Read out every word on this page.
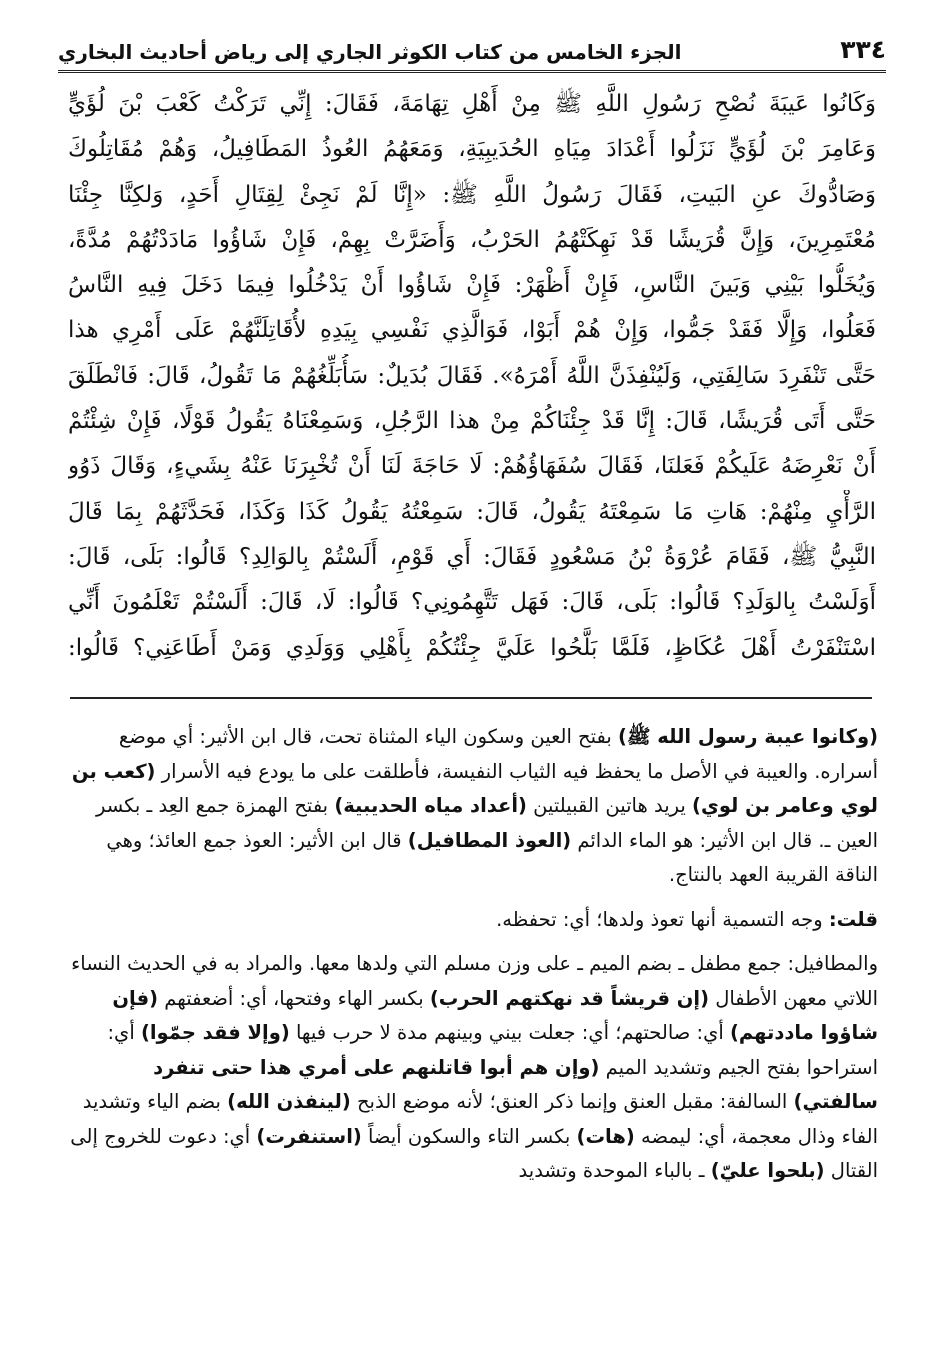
٣٣٤
الجزء الخامس من كتاب الكوثر الجاري إلى رياض أحاديث البخاري
وَكَانُوا عَيبَةَ نُصْحِ رَسُولِ اللَّهِ ﷺ مِنْ أَهْلِ تِهَامَةَ، فَقَالَ: إِنِّي تَرَكْتُ كَعْبَ بْنَ لُؤَيٍّ
وَعَامِرَ بْنَ لُؤَيٍّ نَزَلُوا أَعْدَادَ مِيَاهِ الحُدَيبِيَةِ، وَمَعَهُمُ العُوذُ المَطَافِيلُ، وَهُمْ مُقَاتِلُوكَ
وَصَادُّوكَ عنِ البَيتِ، فَقَالَ رَسُولُ اللَّهِ ﷺ: «إِنَّا لَمْ نَجِئْ لِقِتَالِ أَحَدٍ، وَلكِنَّا جِئْنَا
مُعْتَمِرِينَ، وَإِنَّ قُرَيشًا قَدْ نَهِكَتْهُمُ الحَرْبُ، وَأَضَرَّتْ بِهِمْ، فَإِنْ شَاؤُوا مَادَدْتُهُمْ مُدَّةً،
وَيُخَلُّوا بَيْنِي وَبَينَ النَّاسِ، فَإِنْ أَظْهَرْ: فَإِنْ شَاؤُوا أَنْ يَدْخُلُوا فِيمَا دَخَلَ فِيهِ النَّاسُ
فَعَلُوا، وَإِلَّا فَقَدْ جَمُّوا، وَإِنْ هُمْ أَبَوْا، فَوَالَّذِي نَفْسِي بِيَدِهِ لأُقَاتِلَنَّهُمْ عَلَى أَمْرِي هذا
حَتَّى تَنْفَرِدَ سَالِفَتِي، وَلَيُنْفِذَنَّ اللَّهُ أَمْرَهُ». فَقَالَ بُدَيلٌ: سَأُبَلِّغُهُمْ مَا تَقُولُ، قَالَ: فَانْطَلَقَ
حَتَّى أَتَى قُرَيشًا، قَالَ: إِنَّا قَدْ جِئْنَاكُمْ مِنْ هذا الرَّجُلِ، وَسَمِعْنَاهُ يَقُولُ قَوْلًا، فَإِنْ شِئْتُمْ
أَنْ نَعْرِضَهُ عَلَيكُمْ فَعَلنَا، فَقَالَ سُفَهَاؤُهُمْ: لَا حَاجَةَ لَنَا أَنْ تُخْبِرَنَا عَنْهُ بِشَيءٍ، وَقَالَ ذَوُو
الرَّأْيِ مِنْهُمْ: هَاتِ مَا سَمِعْتَهُ يَقُولُ، قَالَ: سَمِعْتُهُ يَقُولُ كَذَا وَكَذَا، فَحَدَّثَهُمْ بِمَا قَالَ
النَّبِيُّ ﷺ، فَقَامَ عُرْوَةُ بْنُ مَسْعُودٍ فَقَالَ: أَي قَوْمِ، أَلَسْتُمْ بِالوَالِدِ؟ قَالُوا: بَلَى، قَالَ:
أَوَلَسْتُ بِالوَلَدِ؟ قَالُوا: بَلَى، قَالَ: فَهَل تَتَّهِمُونِي؟ قَالُوا: لَا، قَالَ: أَلَسْتُمْ تَعْلَمُونَ أَنِّي
اسْتَنْفَرْتُ أَهْلَ عُكَاظٍ، فَلَمَّا بَلَّحُوا عَلَيَّ جِئْتُكُمْ بِأَهْلِي وَوَلَدِي وَمَنْ أَطَاعَنِي؟ قَالُوا:

(وكانوا عيبة رسول الله ﷺ) بفتح العين وسكون الياء المثناة تحت، قال ابن الأثير: أي موضع أسراره. والعيبة في الأصل ما يحفظ فيه الثياب النفيسة، فأطلقت على ما يودع فيه الأسرار (كعب بن لوي وعامر بن لوي) يريد هاتين القبيلتين (أعداد مياه الحديبية) بفتح الهمزة جمع العِد ـ بكسر العين ـ. قال ابن الأثير: هو الماء الدائم (العوذ المطافيل) قال ابن الأثير: العوذ جمع العائذ؛ وهي الناقة القريبة العهد بالنتاج.

قلت: وجه التسمية أنها تعوذ ولدها؛ أي: تحفظه.

والمطافيل: جمع مطفل ـ بضم الميم ـ على وزن مسلم التي ولدها معها. والمراد به في الحديث النساء اللاتي معهن الأطفال (إن قريشاً قد نهكتهم الحرب) بكسر الهاء وفتحها، أي: أضعفتهم (فإن شاؤوا ماددتهم) أي: صالحتهم؛ أي: جعلت بيني وبينهم مدة لا حرب فيها (وإلا فقد جمّوا) أي: استراحوا بفتح الجيم وتشديد الميم (وإن هم أبوا قاتلنهم على أمري هذا حتى تنفرد سالفتي) السالفة: مقبل العنق وإنما ذكر العنق؛ لأنه موضع الذبح (لينفذن الله) بضم الياء وتشديد الفاء وذال معجمة، أي: ليمضه (هات) بكسر التاء والسكون أيضاً (استنفرت) أي: دعوت للخروج إلى القتال (بلحوا عليّ) ـ بالباء الموحدة وتشديد
